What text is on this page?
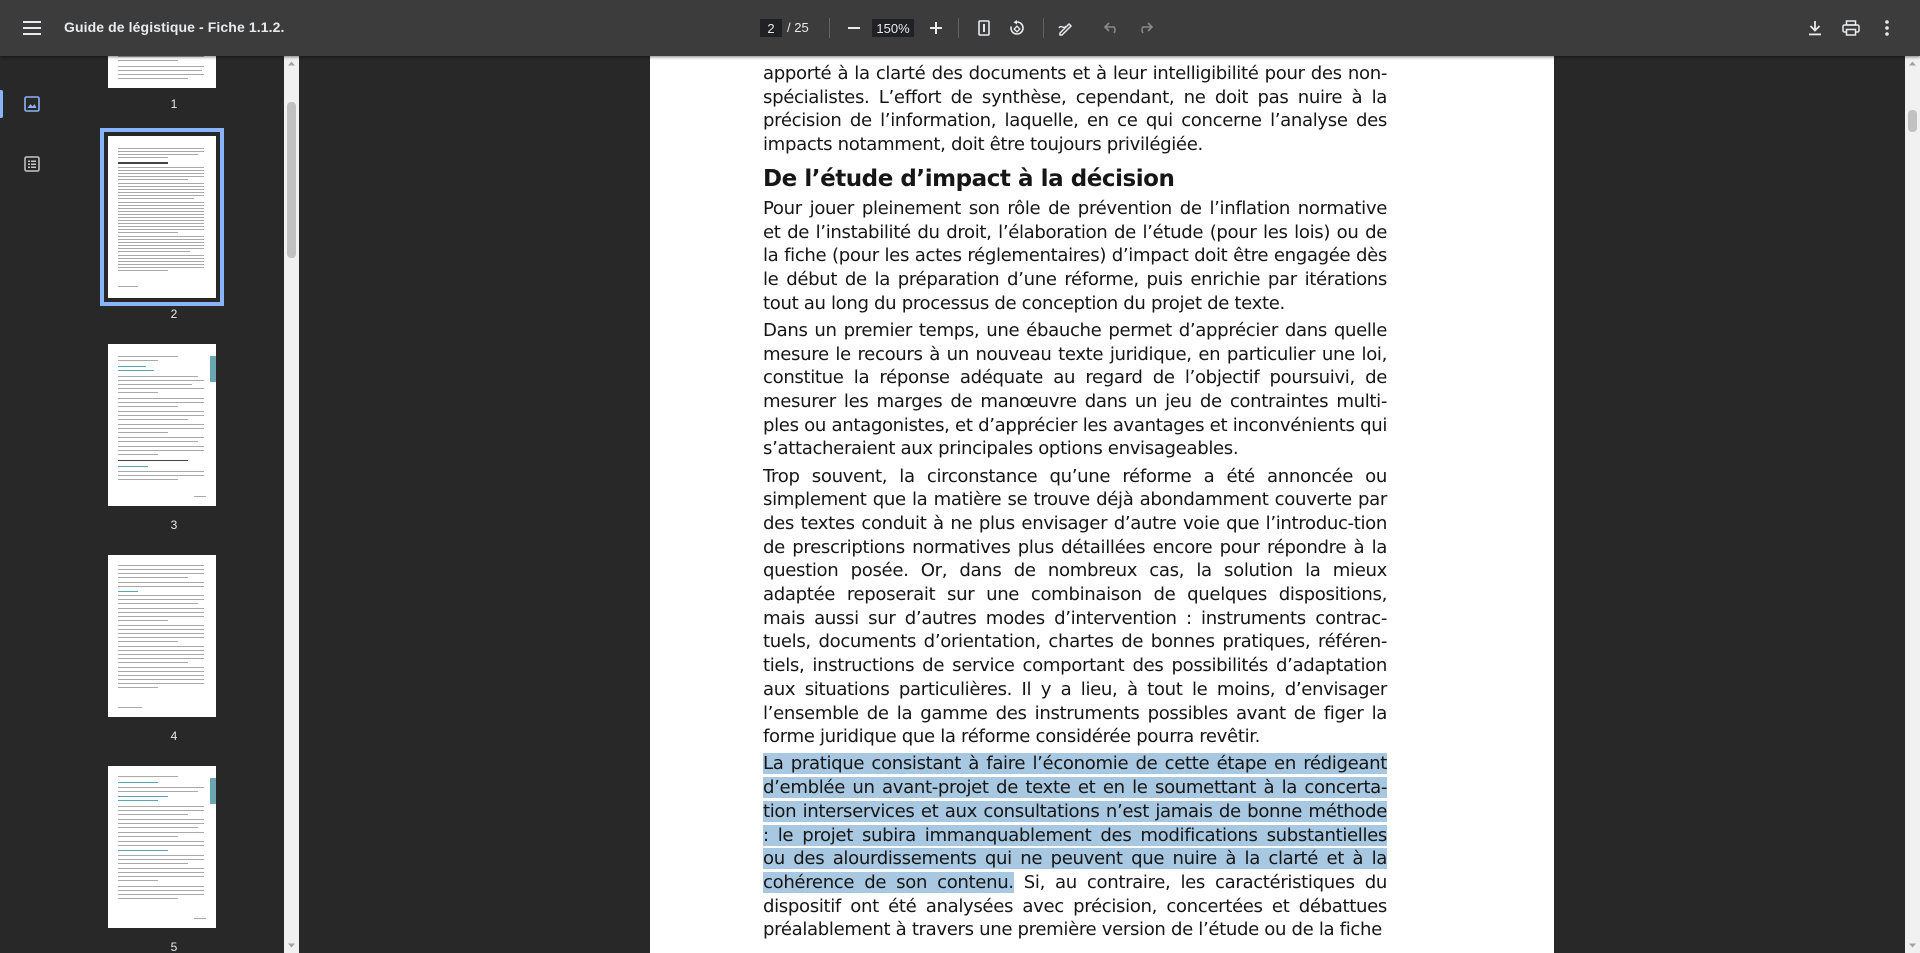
Guide de légistique - Fiche 1.1.2.
2	/ 25
150%
1
2
3
4
5

apporté à la clarté des documents et à leur intelligibilité pour des non-spécialistes. L’effort de synthèse, cependant, ne doit pas nuire à la précision de l’information, laquelle, en ce qui concerne l’analyse des impacts notamment, doit être toujours privilégiée.

De l’étude d’impact à la décision

Pour jouer pleinement son rôle de prévention de l’inflation normative et de l’instabilité du droit, l’élaboration de l’étude (pour les lois) ou de la fiche (pour les actes réglementaires) d’impact doit être engagée dès le début de la préparation d’une réforme, puis enrichie par itérations tout au long du processus de conception du projet de texte.

Dans un premier temps, une ébauche permet d’apprécier dans quelle mesure le recours à un nouveau texte juridique, en particulier une loi, constitue la réponse adéquate au regard de l’objectif poursuivi, de mesurer les marges de manœuvre dans un jeu de contraintes multi-ples ou antagonistes, et d’apprécier les avantages et inconvénients qui s’attacheraient aux principales options envisageables.

Trop souvent, la circonstance qu’une réforme a été annoncée ou simplement que la matière se trouve déjà abondamment couverte par des textes conduit à ne plus envisager d’autre voie que l’introduc-tion de prescriptions normatives plus détaillées encore pour répondre à la question posée. Or, dans de nombreux cas, la solution la mieux adaptée reposerait sur une combinaison de quelques dispositions, mais aussi sur d’autres modes d’intervention : instruments contrac-tuels, documents d’orientation, chartes de bonnes pratiques, référen-tiels, instructions de service comportant des possibilités d’adaptation aux situations particulières. Il y a lieu, à tout le moins, d’envisager l’ensemble de la gamme des instruments possibles avant de figer la forme juridique que la réforme considérée pourra revêtir.

La pratique consistant à faire l’économie de cette étape en rédigeant d’emblée un avant-projet de texte et en le soumettant à la concerta-tion interservices et aux consultations n’est jamais de bonne méthode : le projet subira immanquablement des modifications substantielles ou des alourdissements qui ne peuvent que nuire à la clarté et à la cohérence de son contenu. Si, au contraire, les caractéristiques du dispositif ont été analysées avec précision, concertées et débattues préalablement à travers une première version de l’étude ou de la fiche
